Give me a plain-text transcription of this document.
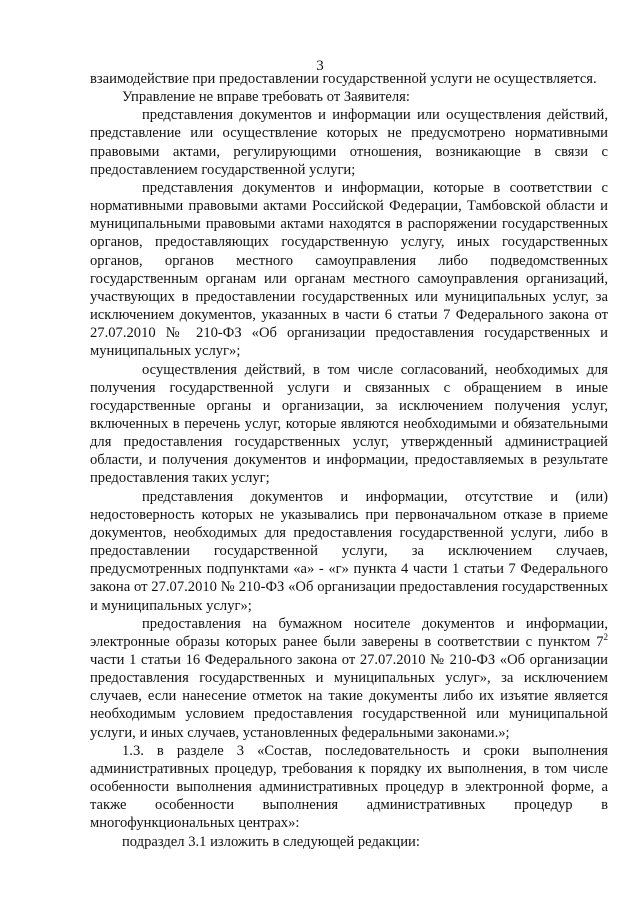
3

взаимодействие при предоставлении государственной услуги не осуществляется.

Управление не вправе требовать от Заявителя:

представления документов и информации или осуществления действий, представление или осуществление которых не предусмотрено нормативными правовыми актами, регулирующими отношения, возникающие в связи с предоставлением государственной услуги;

представления документов и информации, которые в соответствии с нормативными правовыми актами Российской Федерации, Тамбовской области и муниципальными правовыми актами находятся в распоряжении государственных органов, предоставляющих государственную услугу, иных государственных органов, органов местного самоуправления либо подведомственных государственным органам или органам местного самоуправления организаций, участвующих в предоставлении государственных или муниципальных услуг, за исключением документов, указанных в части 6 статьи 7 Федерального закона от 27.07.2010 № 210-ФЗ «Об организации предоставления государственных и муниципальных услуг»;

осуществления действий, в том числе согласований, необходимых для получения государственной услуги и связанных с обращением в иные государственные органы и организации, за исключением получения услуг, включенных в перечень услуг, которые являются необходимыми и обязательными для предоставления государственных услуг, утвержденный администрацией области, и получения документов и информации, предоставляемых в результате предоставления таких услуг;

представления документов и информации, отсутствие и (или) недостоверность которых не указывались при первоначальном отказе в приеме документов, необходимых для предоставления государственной услуги, либо в предоставлении государственной услуги, за исключением случаев, предусмотренных подпунктами «а» - «г» пункта 4 части 1 статьи 7 Федерального закона от 27.07.2010 № 210-ФЗ «Об организации предоставления государственных и муниципальных услуг»;

предоставления на бумажном носителе документов и информации, электронные образы которых ранее были заверены в соответствии с пунктом $7^2$ части 1 статьи 16 Федерального закона от 27.07.2010 № 210-ФЗ «Об организации предоставления государственных и муниципальных услуг», за исключением случаев, если нанесение отметок на такие документы либо их изъятие является необходимым условием предоставления государственной или муниципальной услуги, и иных случаев, установленных федеральными законами.»;

1.3. в разделе 3 «Состав, последовательность и сроки выполнения административных процедур, требования к порядку их выполнения, в том числе особенности выполнения административных процедур в электронной форме, а также особенности выполнения административных процедур в многофункциональных центрах»:

подраздел 3.1 изложить в следующей редакции:
